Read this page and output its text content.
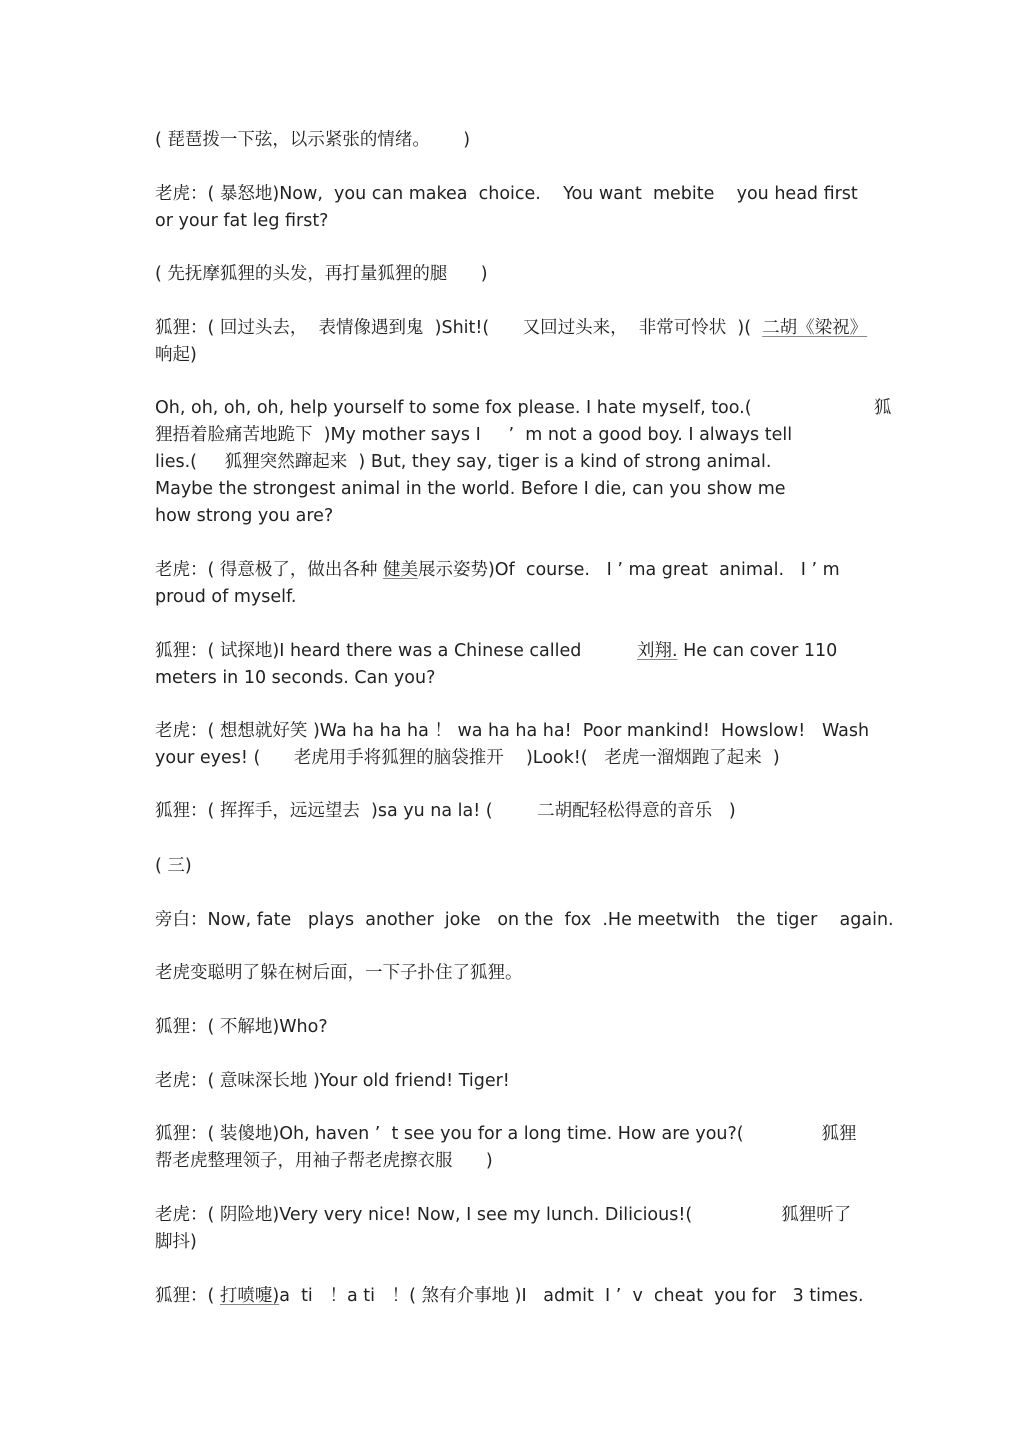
( 琵琶拨一下弦，以示紧张的情绪。      )

老虎：( 暴怒地)Now,  you can makea  choice.    You want  mebite    you head first
or your fat leg first?

( 先抚摩狐狸的头发，再打量狐狸的腿      )

狐狸：( 回过头去，  表情像遇到鬼  )Shit!(      又回过头来，  非常可怜状  )(  二胡《梁祝》
响起)

Oh, oh, oh, oh, help yourself to some fox please. I hate myself, too.(                      狐
狸捂着脸痛苦地跪下  )My mother says I     ’  m not a good boy. I always tell
lies.(     狐狸突然蹿起来  ) But, they say, tiger is a kind of strong animal.
Maybe the strongest animal in the world. Before I die, can you show me
how strong you are?

老虎：( 得意极了，做出各种 健美展示姿势)Of  course.   I ’ ma great  animal.   I ’ m
proud of myself.

狐狸：( 试探地)I heard there was a Chinese called          刘翔. He can cover 110
meters in 10 seconds. Can you?

老虎：( 想想就好笑 )Wa ha ha ha ！ wa ha ha ha!  Poor mankind!  Howslow!   Wash
your eyes! (      老虎用手将狐狸的脑袋推开    )Look!(   老虎一溜烟跑了起来  )

狐狸：( 挥挥手，远远望去  )sa yu na la! (        二胡配轻松得意的音乐   )

( 三)

旁白：Now, fate   plays  another  joke   on the  fox  .He meetwith   the  tiger    again.

老虎变聪明了躲在树后面，一下子扑住了狐狸。

狐狸：( 不解地)Who?

老虎：( 意味深长地 )Your old friend! Tiger!

狐狸：( 装傻地)Oh, haven ’  t see you for a long time. How are you?(              狐狸
帮老虎整理领子，用袖子帮老虎擦衣服      )

老虎：( 阴险地)Very very nice! Now, I see my lunch. Dilicious!(                狐狸听了
脚抖)

狐狸：( 打喷嚏)a  ti   ！a ti   ！( 煞有介事地 )I   admit  I ’  v  cheat  you for   3 times.
